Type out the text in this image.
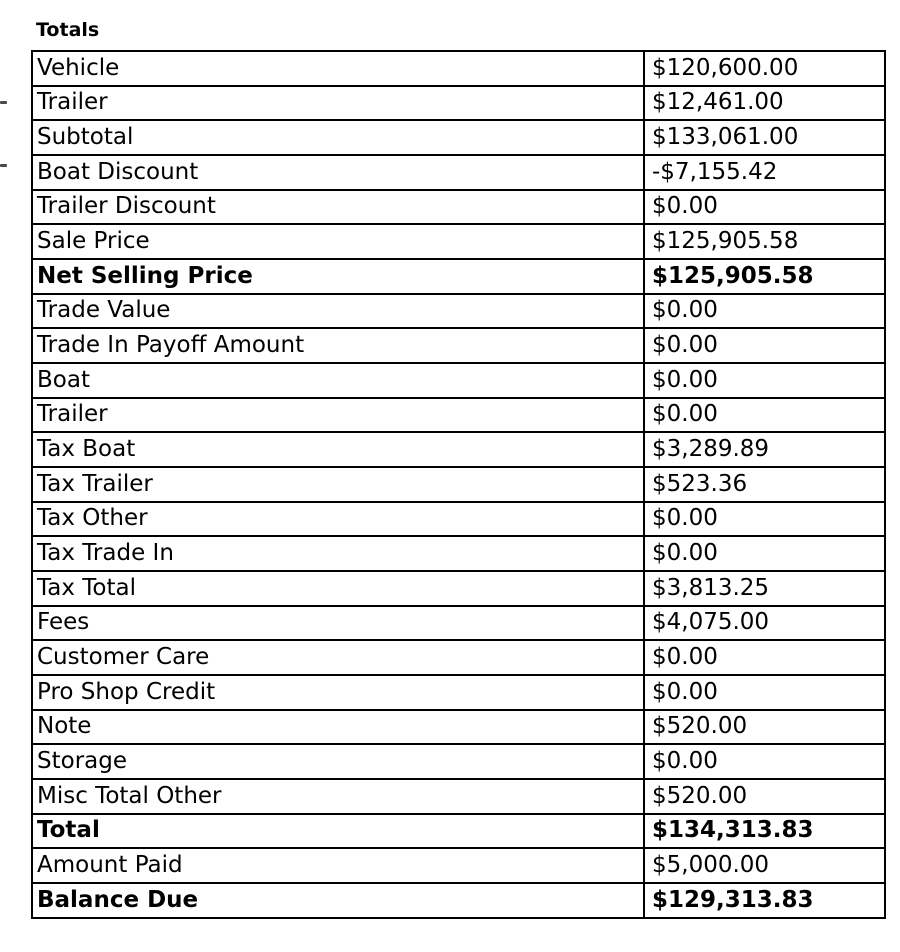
Totals
Vehicle	$120,600.00
Trailer	$12,461.00
Subtotal	$133,061.00
Boat Discount	-$7,155.42
Trailer Discount	$0.00
Sale Price	$125,905.58
Net Selling Price	$125,905.58
Trade Value	$0.00
Trade In Payoff Amount	$0.00
Boat	$0.00
Trailer	$0.00
Tax Boat	$3,289.89
Tax Trailer	$523.36
Tax Other	$0.00
Tax Trade In	$0.00
Tax Total	$3,813.25
Fees	$4,075.00
Customer Care	$0.00
Pro Shop Credit	$0.00
Note	$520.00
Storage	$0.00
Misc Total Other	$520.00
Total	$134,313.83
Amount Paid	$5,000.00
Balance Due	$129,313.83
